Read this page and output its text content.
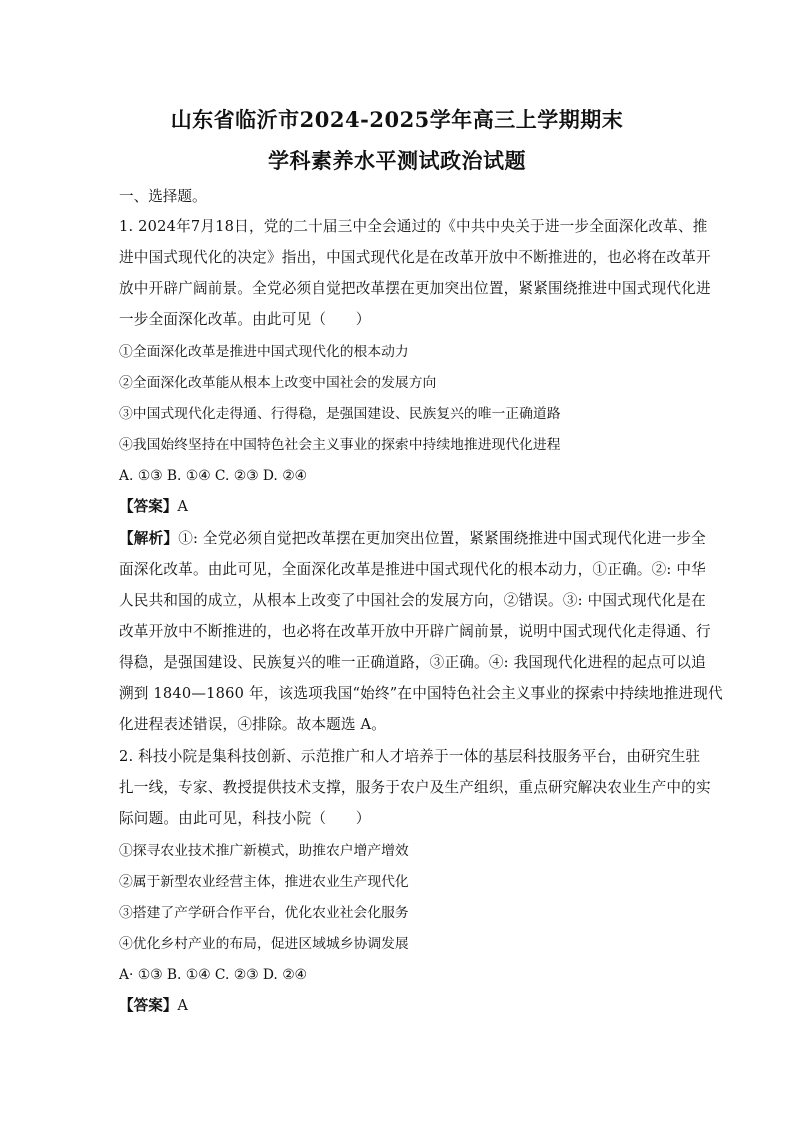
山东省临沂市2024-2025学年高三上学期期末
学科素养水平测试政治试题
一、选择题。
1. 2024年7月18日，党的二十届三中全会通过的《中共中央关于进一步全面深化改革、推
进中国式现代化的决定》指出，中国式现代化是在改革开放中不断推进的，也必将在改革开
放中开辟广阔前景。全党必须自觉把改革摆在更加突出位置，紧紧围绕推进中国式现代化进
一步全面深化改革。由此可见（　　）
①全面深化改革是推进中国式现代化的根本动力
②全面深化改革能从根本上改变中国社会的发展方向
③中国式现代化走得通、行得稳，是强国建设、民族复兴的唯一正确道路
④我国始终坚持在中国特色社会主义事业的探索中持续地推进现代化进程
A. ①③ B. ①④ C. ②③ D. ②④
【答案】A
【解析】①: 全党必须自觉把改革摆在更加突出位置，紧紧围绕推进中国式现代化进一步全
面深化改革。由此可见，全面深化改革是推进中国式现代化的根本动力，①正确。②: 中华
人民共和国的成立，从根本上改变了中国社会的发展方向，②错误。③: 中国式现代化是在
改革开放中不断推进的，也必将在改革开放中开辟广阔前景，说明中国式现代化走得通、行
得稳，是强国建设、民族复兴的唯一正确道路，③正确。④: 我国现代化进程的起点可以追
溯到 1840—1860 年，该选项我国“始终”在中国特色社会主义事业的探索中持续地推进现代
化进程表述错误，④排除。故本题选 A。
2. 科技小院是集科技创新、示范推广和人才培养于一体的基层科技服务平台，由研究生驻
扎一线，专家、教授提供技术支撑，服务于农户及生产组织，重点研究解决农业生产中的实
际问题。由此可见，科技小院（　　）
①探寻农业技术推广新模式，助推农户增产增效
②属于新型农业经营主体，推进农业生产现代化
③搭建了产学研合作平台，优化农业社会化服务
④优化乡村产业的布局，促进区域城乡协调发展
A· ①③ B. ①④ C. ②③ D. ②④
【答案】A
